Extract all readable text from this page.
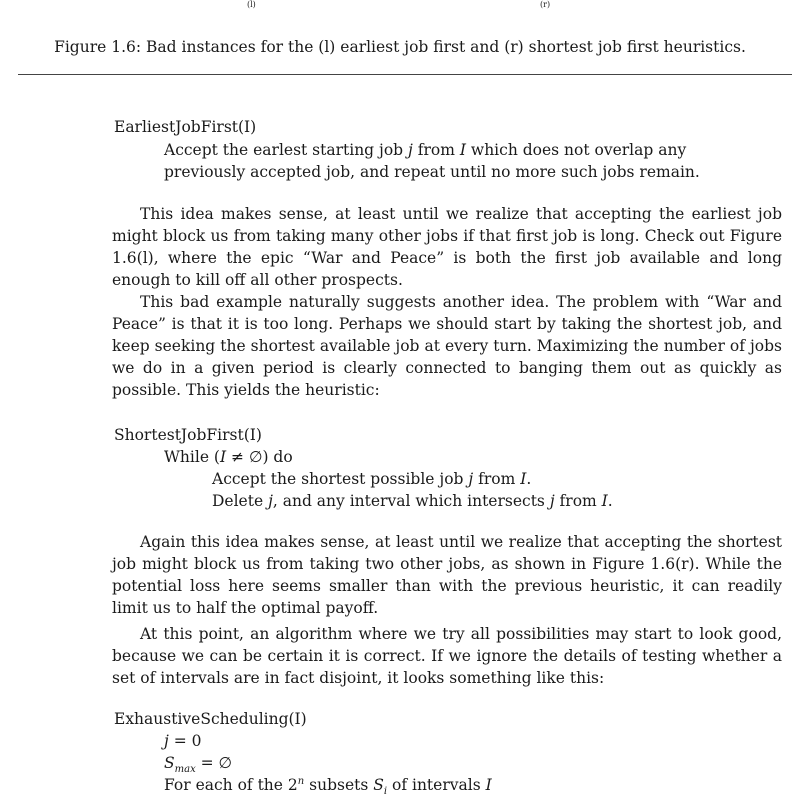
(l)	(r)
Figure 1.6: Bad instances for the (l) earliest job first and (r) shortest job first heuristics.
EarliestJobFirst(I)
Accept the earlest starting job j from I which does not overlap any
previously accepted job, and repeat until no more such jobs remain.
This idea makes sense, at least until we realize that accepting the earliest job might block us from taking many other jobs if that first job is long. Check out Figure 1.6(l), where the epic “War and Peace” is both the first job available and long enough to kill off all other prospects.
This bad example naturally suggests another idea. The problem with “War and Peace” is that it is too long. Perhaps we should start by taking the shortest job, and keep seeking the shortest available job at every turn. Maximizing the number of jobs we do in a given period is clearly connected to banging them out as quickly as possible. This yields the heuristic:
ShortestJobFirst(I)
While (I ≠ ∅) do
Accept the shortest possible job j from I.
Delete j, and any interval which intersects j from I.
Again this idea makes sense, at least until we realize that accepting the shortest job might block us from taking two other jobs, as shown in Figure 1.6(r). While the potential loss here seems smaller than with the previous heuristic, it can readily limit us to half the optimal payoff.
At this point, an algorithm where we try all possibilities may start to look good, because we can be certain it is correct. If we ignore the details of testing whether a set of intervals are in fact disjoint, it looks something like this:
ExhaustiveScheduling(I)
j = 0
$S_{max}$ = ∅
For each of the 2$^n$ subsets $S_i$ of intervals I
